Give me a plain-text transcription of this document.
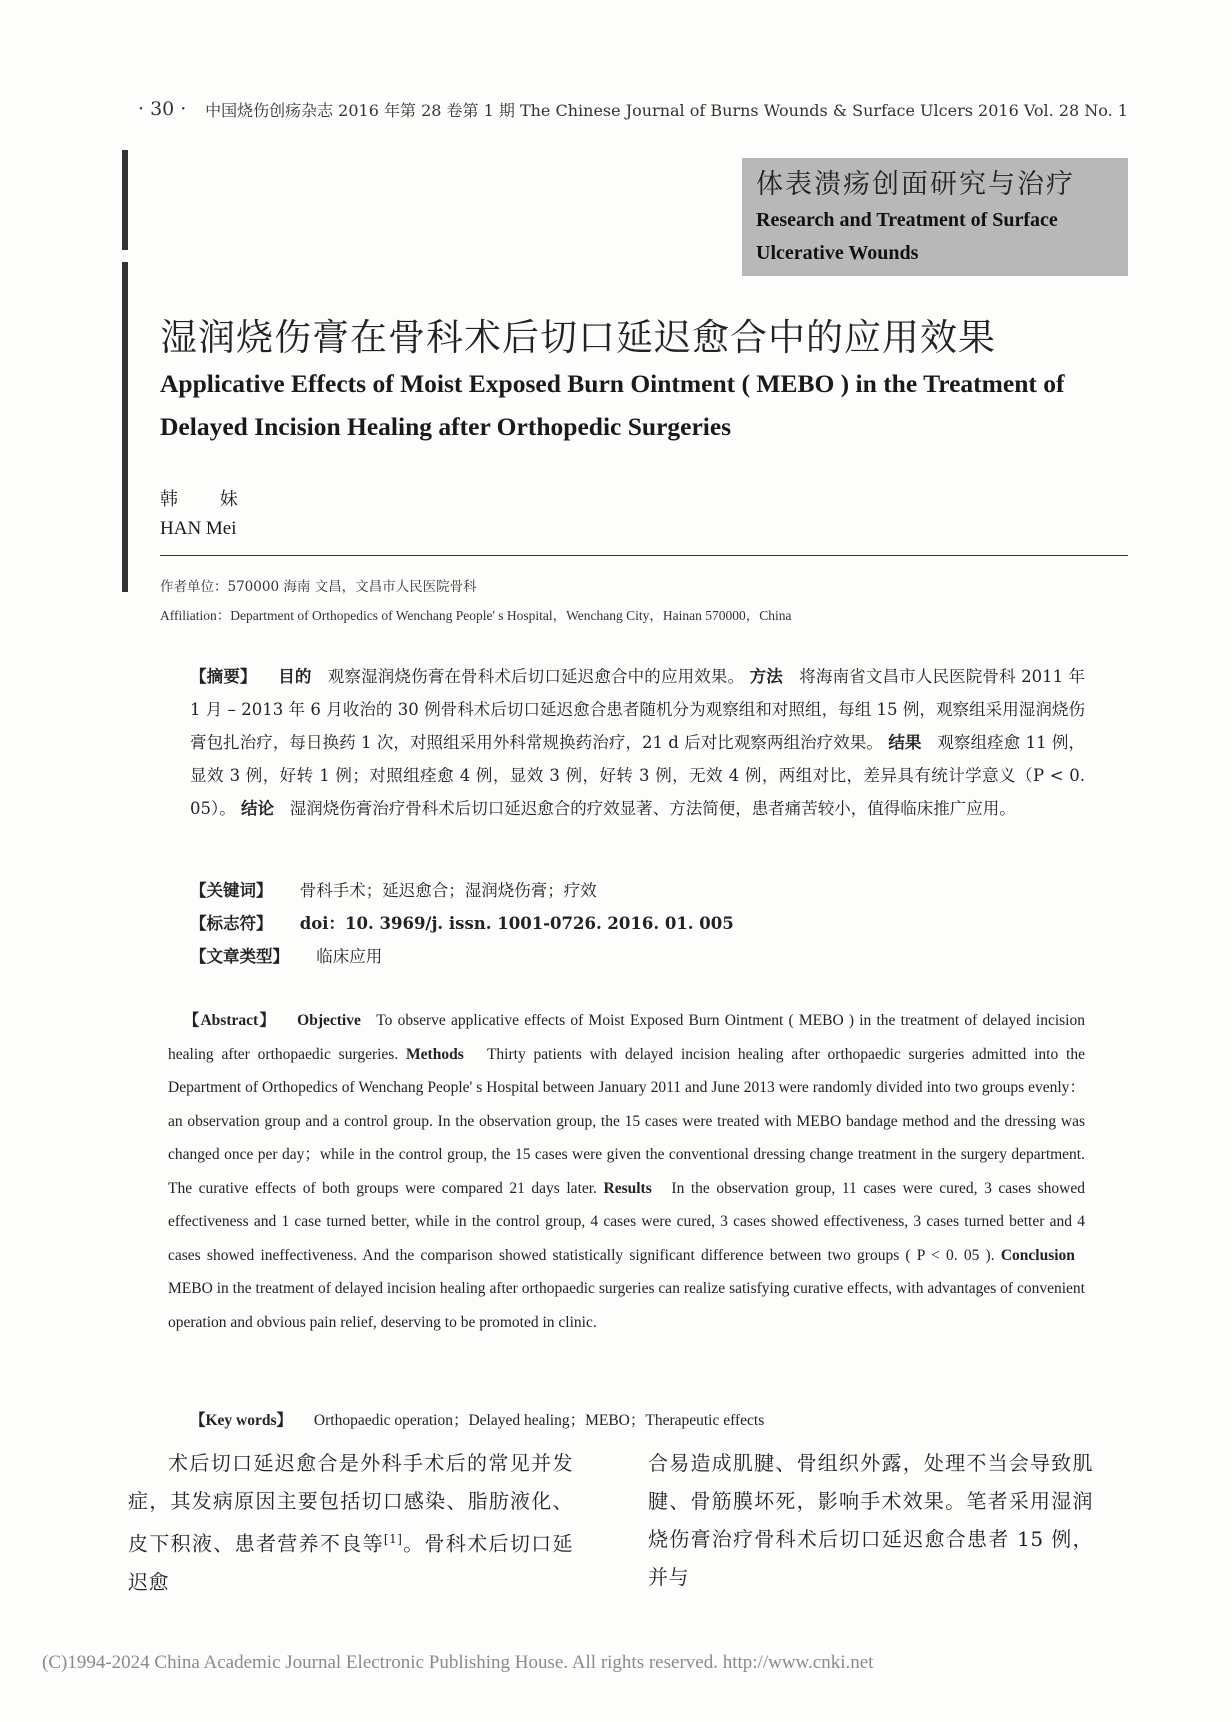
· 30 · 中国烧伤创疡杂志 2016 年第 28 卷第 1 期 The Chinese Journal of Burns Wounds & Surface Ulcers 2016 Vol. 28 No. 1
体表溃疡创面研究与治疗
Research and Treatment of Surface
Ulcerative Wounds
湿润烧伤膏在骨科术后切口延迟愈合中的应用效果
Applicative Effects of Moist Exposed Burn Ointment ( MEBO ) in the Treatment of Delayed Incision Healing after Orthopedic Surgeries
韩 妹
HAN Mei
作者单位：570000 海南 文昌，文昌市人民医院骨科
Affiliation：Department of Orthopedics of Wenchang People' s Hospital，Wenchang City，Hainan 570000，China
【摘要】 目的 观察湿润烧伤膏在骨科术后切口延迟愈合中的应用效果。 方法 将海南省文昌市人民医院骨科 2011 年 1 月 – 2013 年 6 月收治的 30 例骨科术后切口延迟愈合患者随机分为观察组和对照组，每组 15 例，观察组采用湿润烧伤膏包扎治疗，每日换药 1 次，对照组采用外科常规换药治疗，21 d 后对比观察两组治疗效果。 结果 观察组痊愈 11 例，显效 3 例，好转 1 例；对照组痊愈 4 例，显效 3 例，好转 3 例，无效 4 例，两组对比，差异具有统计学意义（P < 0. 05）。 结论 湿润烧伤膏治疗骨科术后切口延迟愈合的疗效显著、方法简便，患者痛苦较小，值得临床推广应用。
【关键词】 骨科手术；延迟愈合；湿润烧伤膏；疗效
【标志符】 doi：10. 3969/j. issn. 1001-0726. 2016. 01. 005
【文章类型】 临床应用
【Abstract】 Objective To observe applicative effects of Moist Exposed Burn Ointment ( MEBO ) in the treatment of delayed incision healing after orthopaedic surgeries. Methods Thirty patients with delayed incision healing after orthopaedic surgeries admitted into the Department of Orthopedics of Wenchang People' s Hospital between January 2011 and June 2013 were randomly divided into two groups evenly：an observation group and a control group. In the observation group, the 15 cases were treated with MEBO bandage method and the dressing was changed once per day；while in the control group, the 15 cases were given the conventional dressing change treatment in the surgery department. The curative effects of both groups were compared 21 days later. Results In the observation group, 11 cases were cured, 3 cases showed effectiveness and 1 case turned better, while in the control group, 4 cases were cured, 3 cases showed effectiveness, 3 cases turned better and 4 cases showed ineffectiveness. And the comparison showed statistically significant difference between two groups ( P < 0. 05 ). Conclusion   MEBO in the treatment of delayed incision healing after orthopaedic surgeries can realize satisfying curative effects, with advantages of convenient operation and obvious pain relief, deserving to be promoted in clinic.
【Key words】 Orthopaedic operation；Delayed healing；MEBO；Therapeutic effects
术后切口延迟愈合是外科手术后的常见并发症，其发病原因主要包括切口感染、脂肪液化、皮下积液、患者营养不良等[1]。骨科术后切口延迟愈
合易造成肌腱、骨组织外露，处理不当会导致肌腱、骨筋膜坏死，影响手术效果。笔者采用湿润烧伤膏治疗骨科术后切口延迟愈合患者 15 例，并与
(C)1994-2024 China Academic Journal Electronic Publishing House. All rights reserved. http://www.cnki.net
